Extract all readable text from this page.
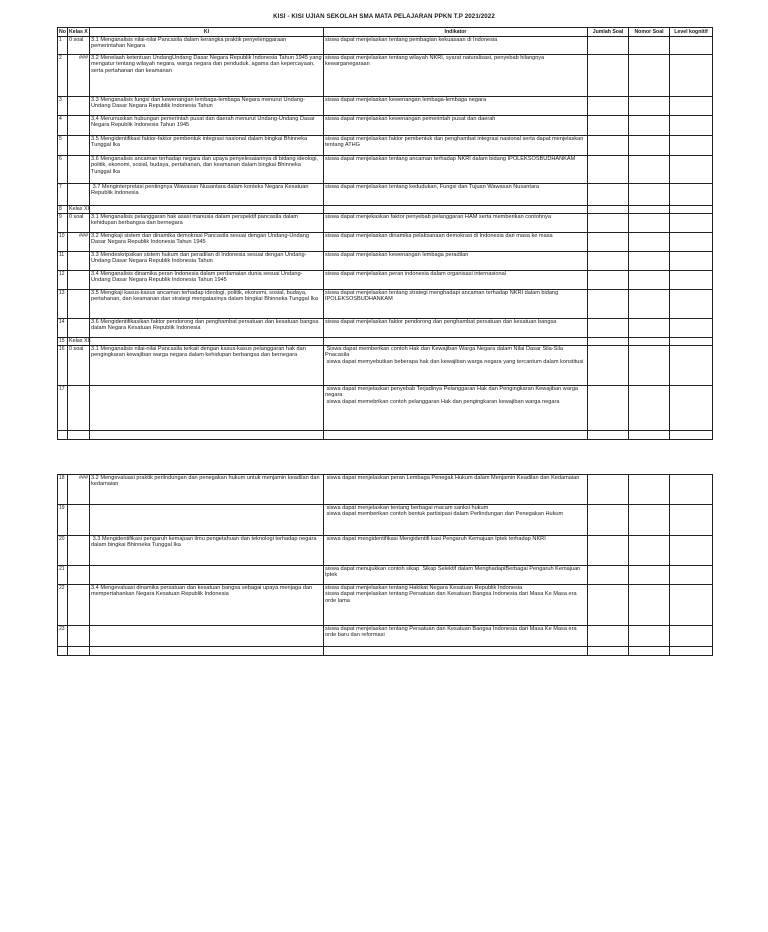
KISI - KISI UJIAN SEKOLAH SMA MATA PELAJARAN PPKN T.P 2021/2022
No	Kelas X	KI	Indikator	Jumlah Soal	Nomor Soal	Level kognitif
1	0 soal	3.1 Menganalisis nilai-nilai Pancasila dalam kerangka praktik penyelenggaraan pemerintahan Negara	siswa dapat menjelaskan tentang pembagian kekuasaan di Indonesia			
2	###	3.2 Menelaah ketentuan UndangUndang Dasar Negara Republik Indonesia Tahun 1945 yang mengatur tentang wilayah negara, warga negara dan penduduk, agama dan kepercayaan, serta pertahanan dan keamanan	siswa dapat menjelaskan tentang wilayah NKRI, syarat naturalisasi, penyebab hilangnya kewarganegaraan			
3		3.3 Menganalisis fungsi dan kewenangan lembaga-lembaga Negara menurut Undang-Undang Dasar Negara Republik Indonesia Tahun	siswa dapat menjelaskan kewenangan lembaga-lembaga negara			
4		3.4 Merumuskan hubungan pemerintah pusat dan daerah menurut Undang-Undang Dasar Negara Republik Indonesia Tahun 1945	siswa dapat menjelaskan kewenangan pemerintah pusat dan daerah			
5		3.5 Mengidentifikasi faktor-faktor pembentuk integrasi nasional dalam bingkai Bhinneka Tunggal Ika	siswa dapat menjelaskan faktor pembentuk dan penghambat integrasi nasional serta dapat menjelaskan tentang ATHG			
6		3.6 Menganalisis ancaman terhadap negara dan upaya penyelesaiannya di bidang ideologi, politik, ekonomi, sosial, budaya, pertahanan, dan keamanan dalam bingkai Bhinneka Tunggal Ika	siswa dapat menjelaskan tentang ancaman terhadap NKRI dalam bidang IPOLEKSOSBUDHANKAM			
7		3.7 Menginterpretasi pentingnya Wawasan Nusantara dalam konteks Negara Kesatuan Republik Indonesia	siswa dapat menjelaskan tentang kedudukan, Fungsi dan Tujuan Wawasan Nusantara			
8	Kelas XI					
9	0 soal	3.1 Menganalisis pelanggaran hak asasi manusia dalam perspektif pancasila dalam kehidupan berbangsa dan bernegara	siswa dapat menjekaskan faktor penyebab pelanggaran HAM serta memberikan contohnya			
10	###	3.2 Mengkaji sistem dan dinamika demokrasi Pancasila sesuai dengan Undang-Undang Dasar Negara Republik Indonesia Tahun 1945	siswa dapat menjelaskan dinamika pelaksanaan demokrasi di Indonesia dari masa ke masa			
11		3.3 Mendeskripsikan sistem hukum dan peradilan di Indonesia sesuai dengan Undang-Undang Dasar Negara Republik Indonesia Tahun	siswa dapat menjelaskan kewenangan lembaga peradilan			
12		3.4 Menganalisis dinamika peran Indonesia dalam perdamaian dunia sesuai Undang-Undang Dasar Negara Republik Indonesia Tahun 1945	siswa dapat menjelaskan peran indonesia dalam organisasi internasional			
13		3.5 Mengkaji kasus-kasus ancaman terhadap ideologi, politik, ekonomi, sosial, budaya, pertahanan, dan keamanan dan strategi mengatasinya dalam bingkai Bhinneka Tunggal Ika	siswa dapat menjelaskan tentang strategi menghadapi ancaman terhadap NKRI dalam bidang IPOLEKSOSBUDHANKAM			
14		3.6 Mengidentifikasikan faktor pendorong dan penghambat persatuan dan kesatuan bangsa dalam Negara Kesatuan Republik Indonesia	siswa dapat menjelaskan faktor pendorong dan penghambat persatuan dan kesatuan bangsa			
15	Kelas XII					
16	0 soal	3.1 Menganalisis nilai-nilai Pancasila terkait dengan kasus-kasus pelanggaran hak dan pengingkaran kewajiban warga negara dalam kehidupan berbangsa dan bernegara	Siswa dapat memberikan contoh Hak dan Kewajiban Warga Negara dalam Nilai Dasar Sila-Sila Pnacasila
siswa dapat memyebutkan beberapa hak dan kewajiban warga negara yang tercantum dalam konstitusi			
17			siswa dapat menjelaskan penyebab Terjadinya Pelanggaran Hak dan Pengingkaran Kewajiban warga negara
siswa dapat memebrikan contoh pelanggaran Hak dan pengingkaran kewajiban warga negara			

18	###	3.2 Mengevaluasi praktik perlindungan dan penegakan hukum untuk menjamin keadilan dan kedamaian	siswa dapat menjelaskan peran Lembaga Penegak Hukum dalam Menjamin Keadilan dan Kedamaian			
19			siswa dapat menjelaskan tentang berbagai macam sanksi hukum
siswa dapat memberikan contoh bentuk partisipasi dalam Perlindungan dan Penegakan Hukum			
20		3.3 Mengidentifikasi pengaruh kemajuan ilmu pengetahuan dan teknologi terhadap negara dalam bingkai Bhinneka Tunggal Ika	siswa dapat mengidentifikasi Mengidentifi kasi Pengaruh Kemajuan Iptek terhadap NKRI			
21			siswa dapat menujukkan contoh sikap  Sikap Selektif dalam MenghadapiBerbagai Pengaruh Kemajuan Iptek			
22		3.4 Mengevaluasi dinamika persatuan dan kesatuan bangsa sebagai upaya menjaga dan mempertahankan Negara Kesatuan Republik Indonesia	siswa dapat menjelaskan tentang Hakikat Negara Kesatuan Republik Indonesia
siswa dapat menjelaskan tentang Persatuan dan Kesatuan Bangsa Indonesia dari Masa Ke Masa era orde lama			
23			siswa dapat menjelaskan tentang Persatuan dan Kesatuan Bangsa Indonesia dari Masa Ke Masa era orde baru dan reformasi			
